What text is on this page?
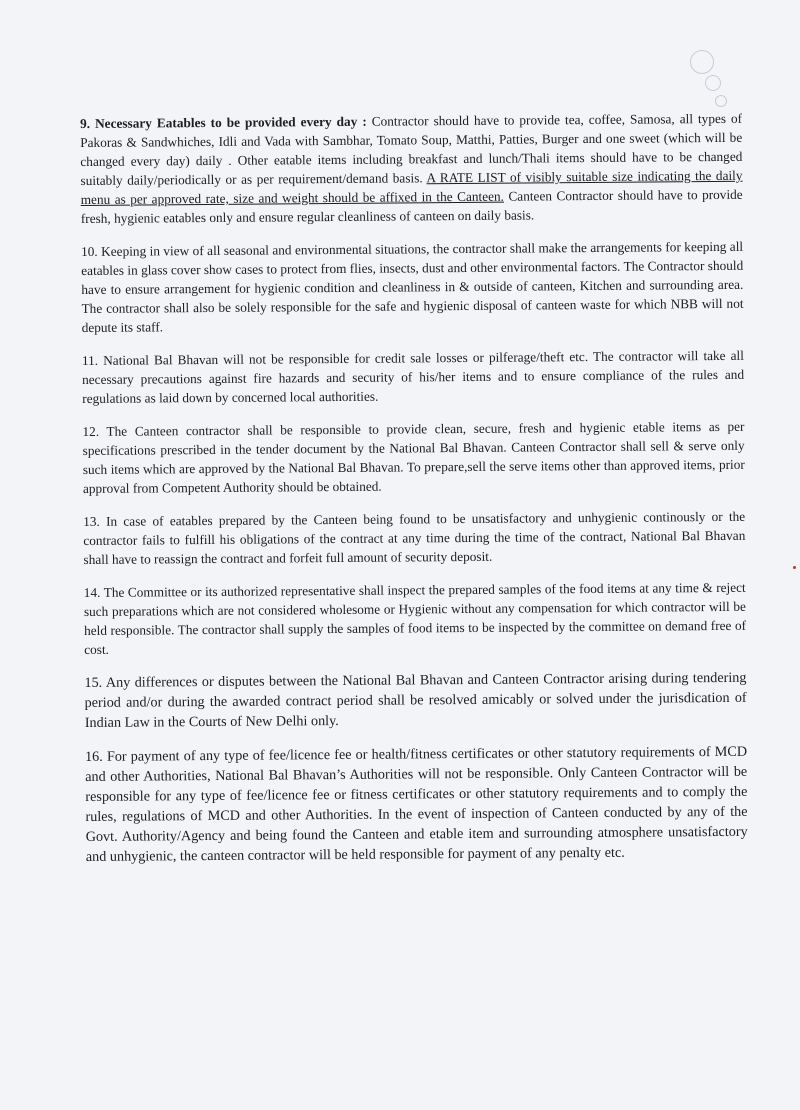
9. Necessary Eatables to be provided every day : Contractor should have to provide tea, coffee, Samosa, all types of Pakoras & Sandwhiches, Idli and Vada with Sambhar, Tomato Soup, Matthi, Patties, Burger and one sweet (which will be changed every day) daily . Other eatable items including breakfast and lunch/Thali items should have to be changed suitably daily/periodically or as per requirement/demand basis. A RATE LIST of visibly suitable size indicating the daily menu as per approved rate, size and weight should be affixed in the Canteen. Canteen Contractor should have to provide fresh, hygienic eatables only and ensure regular cleanliness of canteen on daily basis.

10. Keeping in view of all seasonal and environmental situations, the contractor shall make the arrangements for keeping all eatables in glass cover show cases to protect from flies, insects, dust and other environmental factors. The Contractor should have to ensure arrangement for hygienic condition and cleanliness in & outside of canteen, Kitchen and surrounding area. The contractor shall also be solely responsible for the safe and hygienic disposal of canteen waste for which NBB will not depute its staff.

11. National Bal Bhavan will not be responsible for credit sale losses or pilferage/theft etc. The contractor will take all necessary precautions against fire hazards and security of his/her items and to ensure compliance of the rules and regulations as laid down by concerned local authorities.

12. The Canteen contractor shall be responsible to provide clean, secure, fresh and hygienic etable items as per specifications prescribed in the tender document by the National Bal Bhavan. Canteen Contractor shall sell & serve only such items which are approved by the National Bal Bhavan. To prepare,sell the serve items other than approved items, prior approval from Competent Authority should be obtained.

13. In case of eatables prepared by the Canteen being found to be unsatisfactory and unhygienic continously or the contractor fails to fulfill his obligations of the contract at any time during the time of the contract, National Bal Bhavan shall have to reassign the contract and forfeit full amount of security deposit.

14. The Committee or its authorized representative shall inspect the prepared samples of the food items at any time & reject such preparations which are not considered wholesome or Hygienic without any compensation for which contractor will be held responsible. The contractor shall supply the samples of food items to be inspected by the committee on demand free of cost.

15. Any differences or disputes between the National Bal Bhavan and Canteen Contractor arising during tendering period and/or during the awarded contract period shall be resolved amicably or solved under the jurisdication of Indian Law in the Courts of New Delhi only.

16. For payment of any type of fee/licence fee or health/fitness certificates or other statutory requirements of MCD and other Authorities, National Bal Bhavan’s Authorities will not be responsible. Only Canteen Contractor will be responsible for any type of fee/licence fee or fitness certificates or other statutory requirements and to comply the rules, regulations of MCD and other Authorities. In the event of inspection of Canteen conducted by any of the Govt. Authority/Agency and being found the Canteen and etable item and surrounding atmosphere unsatisfactory and unhygienic, the canteen contractor will be held responsible for payment of any penalty etc.
